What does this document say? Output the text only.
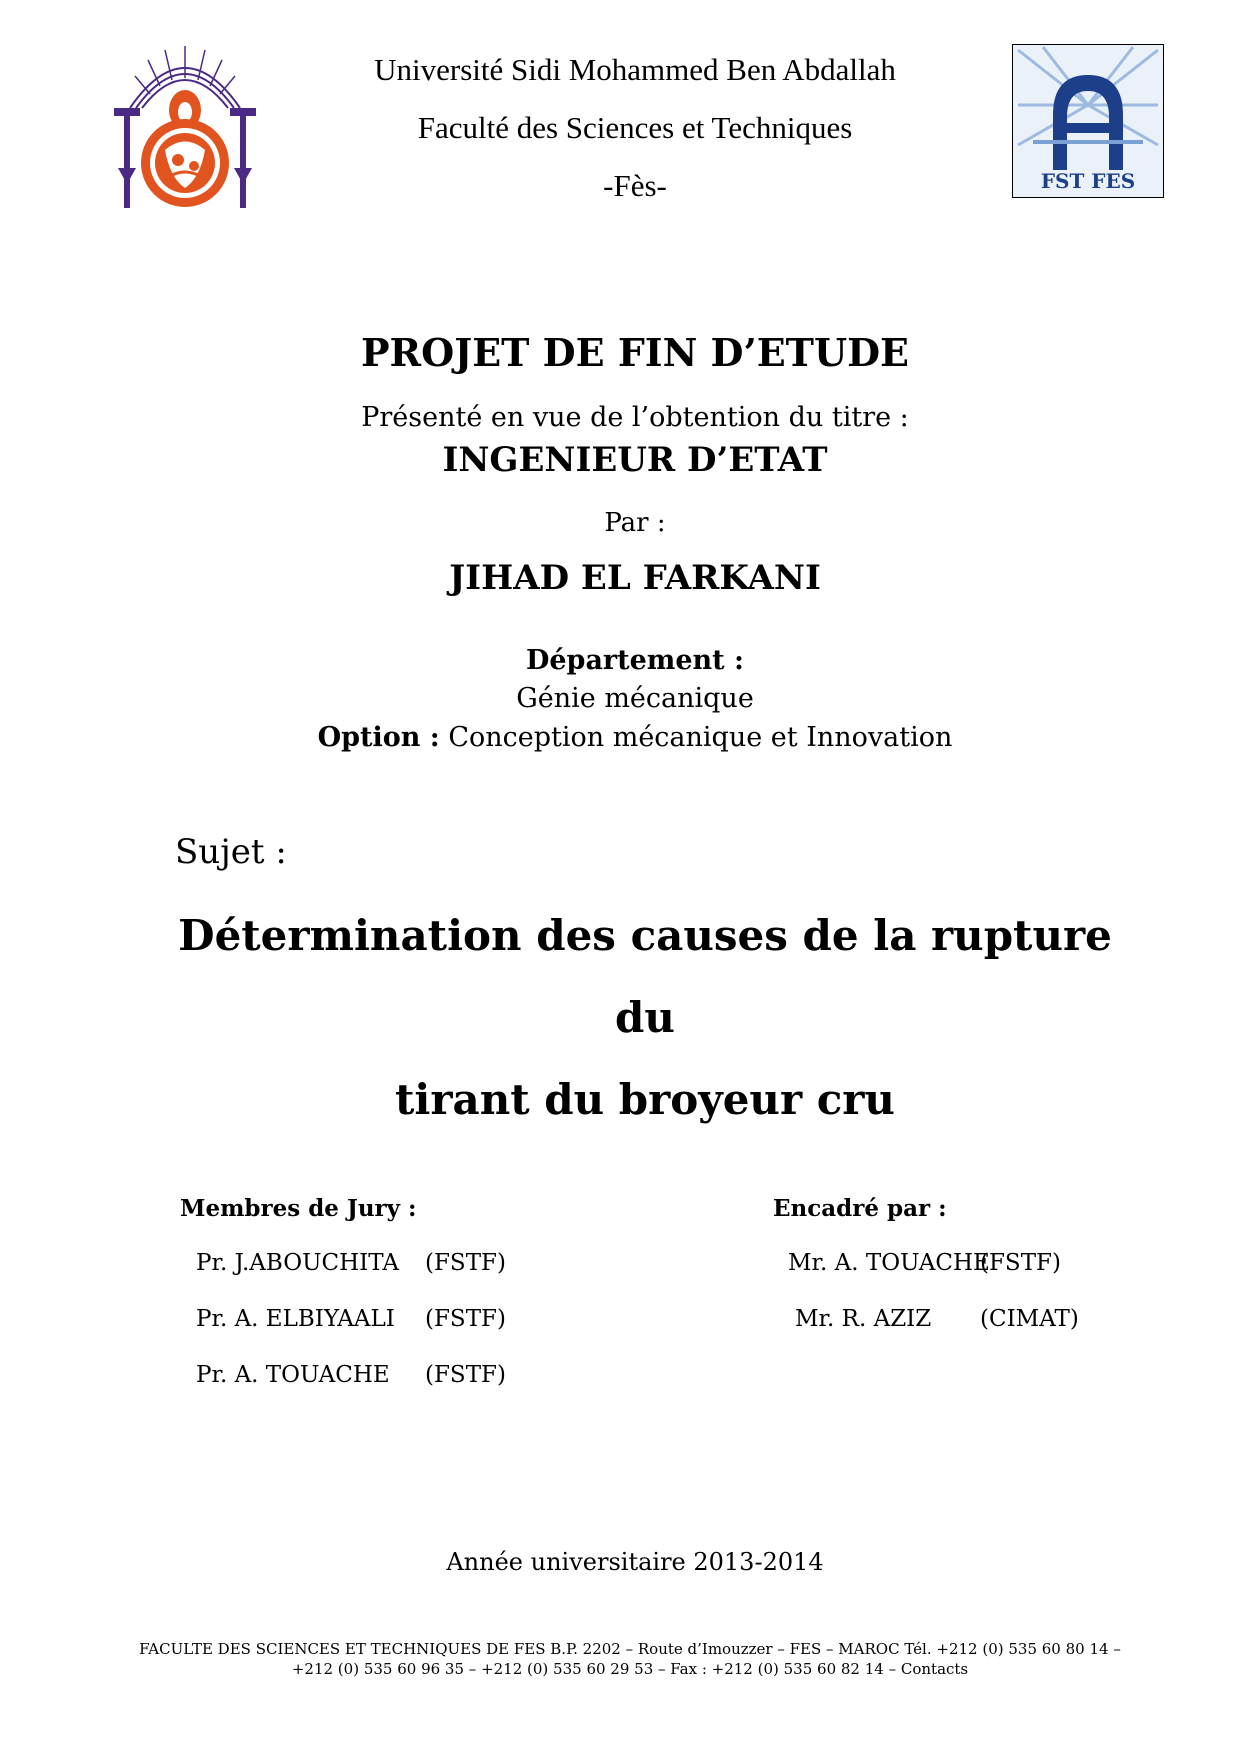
Université Sidi Mohammed Ben Abdallah
Faculté des Sciences et Techniques
-Fès-	FST FES
PROJET DE FIN D’ETUDE
Présenté en vue de l’obtention du titre :
INGENIEUR D’ETAT
Par :
JIHAD EL FARKANI
Département :
Génie mécanique
Option : Conception mécanique et Innovation
Sujet :
Détermination des causes de la rupture du
tirant du broyeur cru
Membres de Jury :
Pr. J.ABOUCHITA (FSTF)
Pr. A. ELBIYAALI (FSTF)
Pr. A. TOUACHE (FSTF)
Encadré par :
Mr. A. TOUACHE
(FSTF)
Mr. R. AZIZ (CIMAT)
Année universitaire 2013-2014
FACULTE DES SCIENCES ET TECHNIQUES DE FES B.P. 2202 – Route d’Imouzzer – FES – MAROC Tél. +212 (0) 535 60 80 14 –
+212 (0) 535 60 96 35 – +212 (0) 535 60 29 53 – Fax : +212 (0) 535 60 82 14 – Contacts
